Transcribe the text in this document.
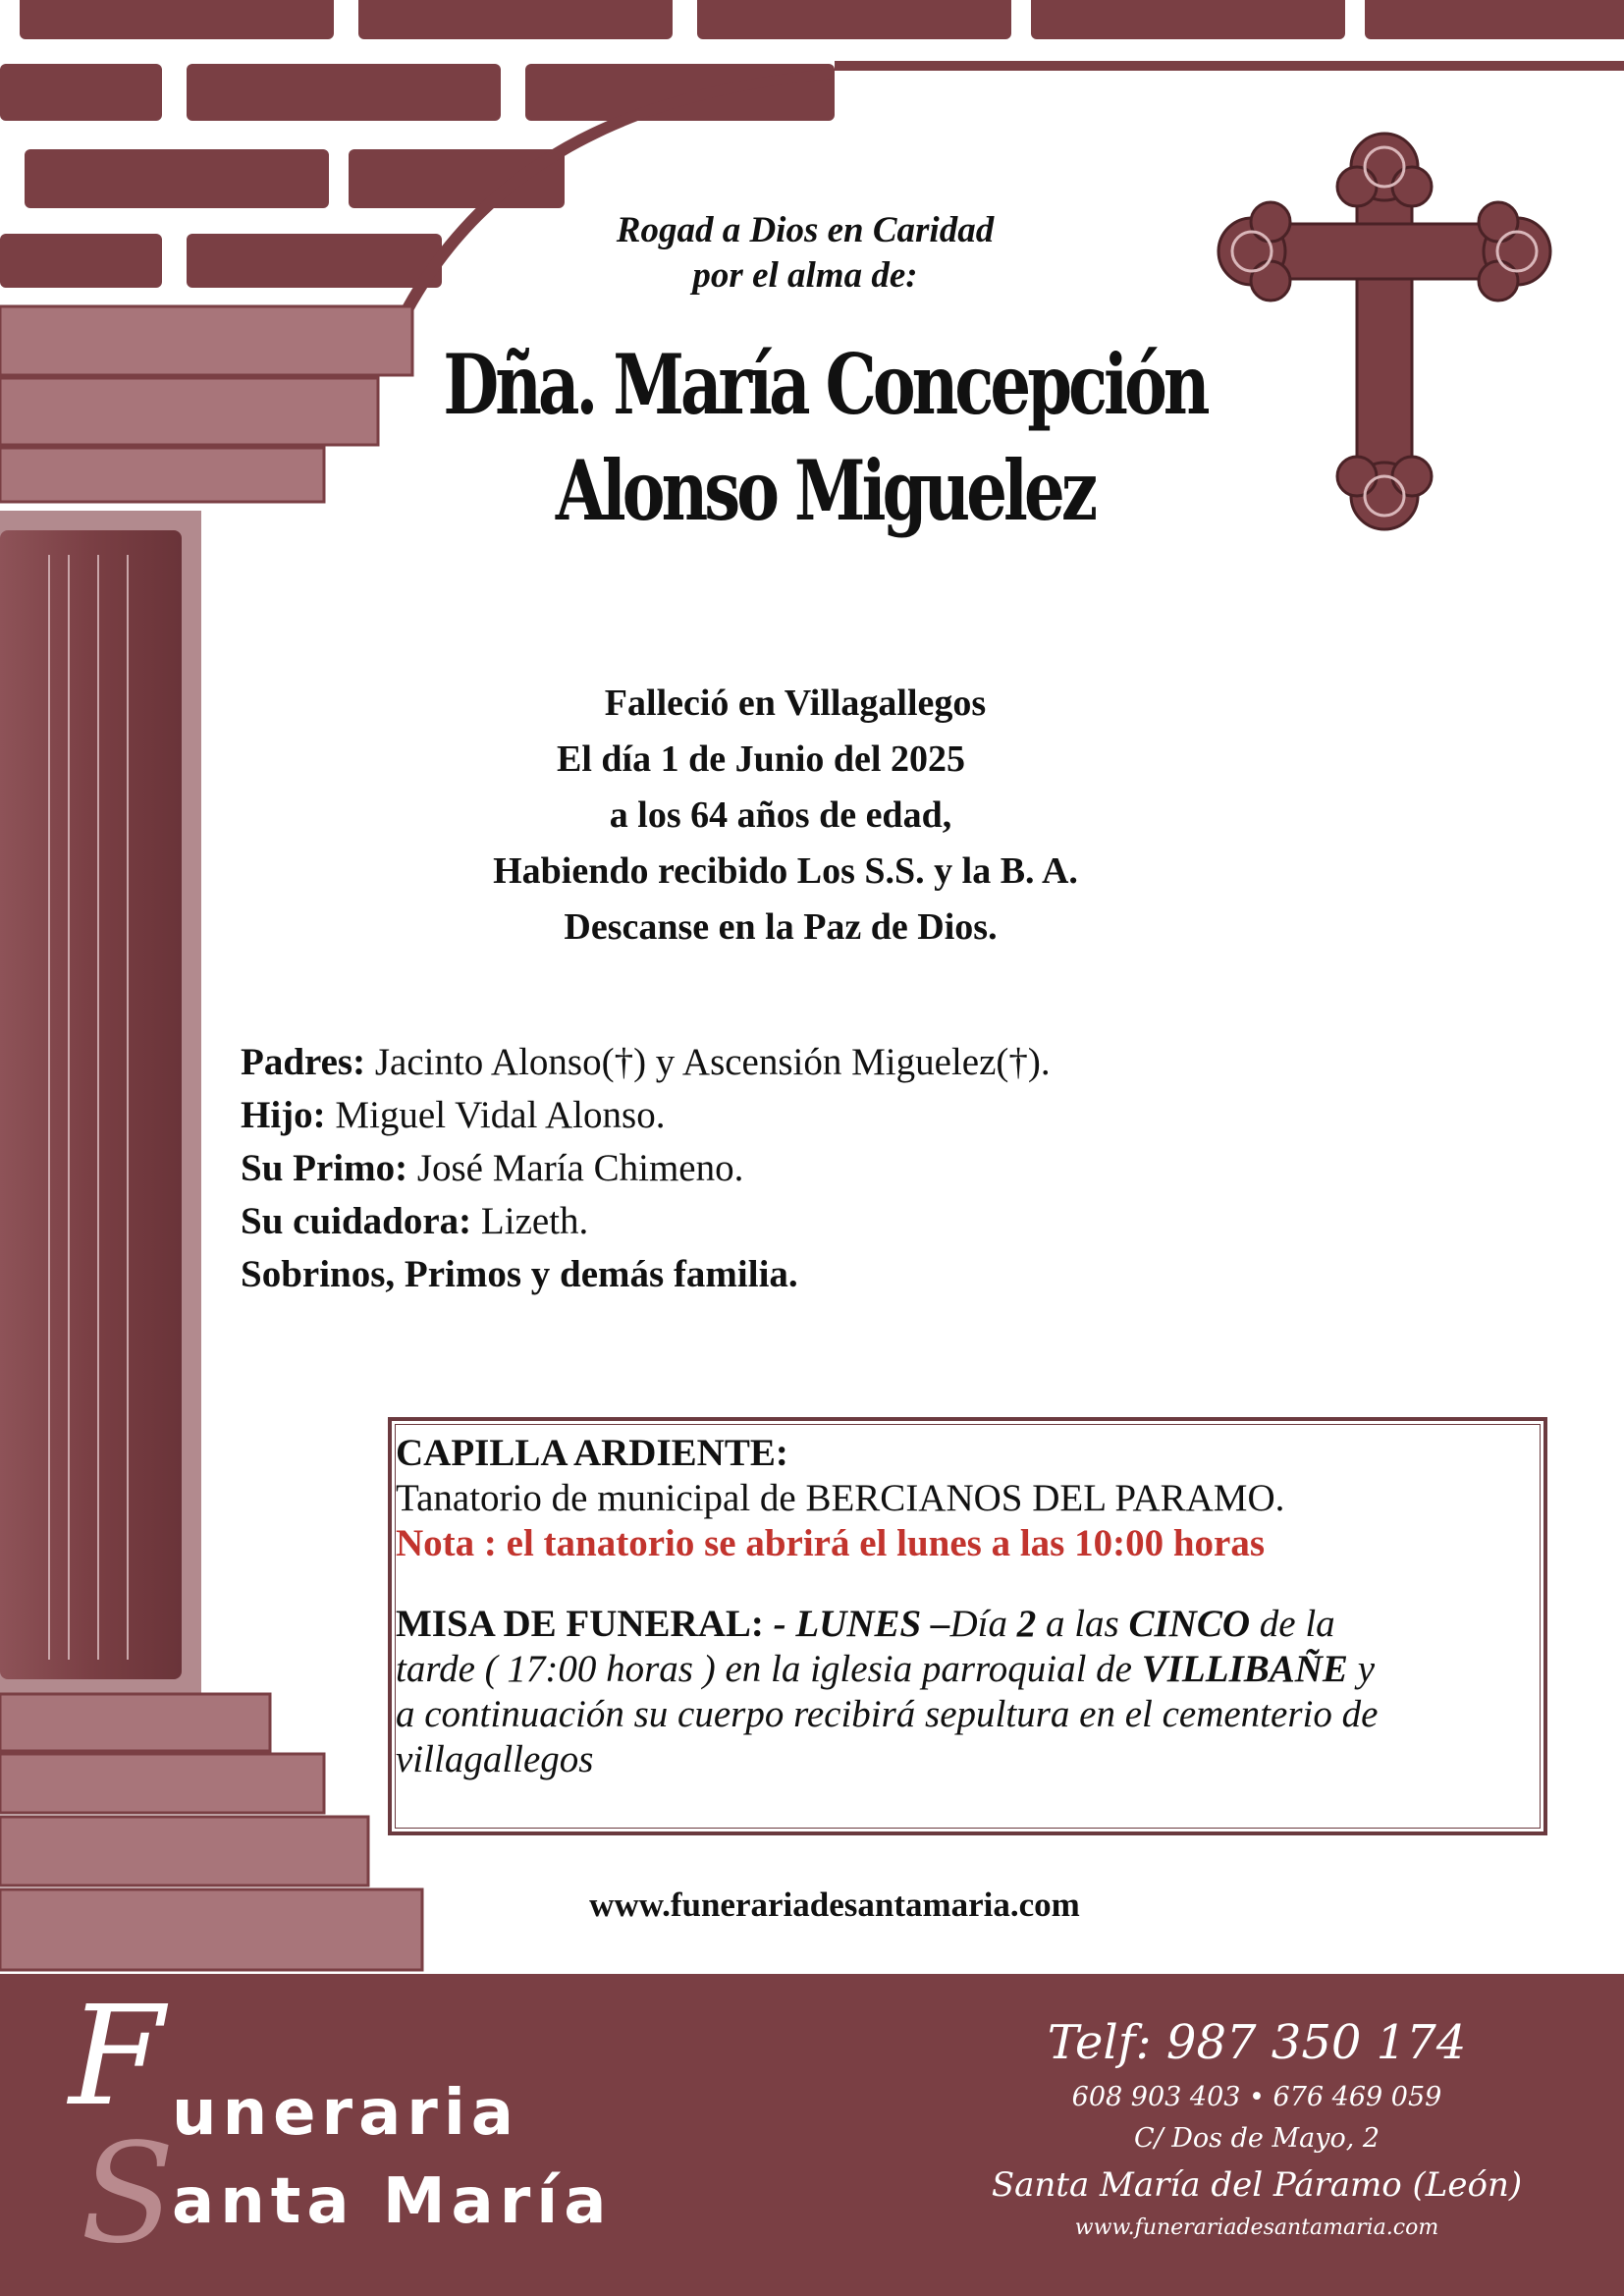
Rogad a Dios en Caridad
por el alma de:
Dña. María Concepción
Alonso Miguelez
Falleció en Villagallegos
El día 1 de Junio del 2025
a los 64 años de edad,
Habiendo recibido Los S.S. y la B. A.
Descanse en la Paz de Dios.
Padres: Jacinto Alonso(†) y Ascensión Miguelez(†).
Hijo: Miguel Vidal Alonso.
Su Primo: José María Chimeno.
Su cuidadora: Lizeth.
Sobrinos, Primos y demás familia.
CAPILLA ARDIENTE:
Tanatorio de municipal de BERCIANOS DEL PARAMO.
Nota : el tanatorio se abrirá el lunes a las 10:00 horas
MISA DE FUNERAL: - LUNES –Día 2 a las CINCO de la
tarde ( 17:00 horas ) en la iglesia parroquial de VILLIBAÑE y
a continuación su cuerpo recibirá sepultura en el cementerio de
villagallegos
www.funerariadesantamaria.com
S
F uneraria
anta María
Telf: 987 350 174
608 903 403 • 676 469 059
C/ Dos de Mayo, 2
Santa María del Páramo (León)
www.funerariadesantamaria.com
